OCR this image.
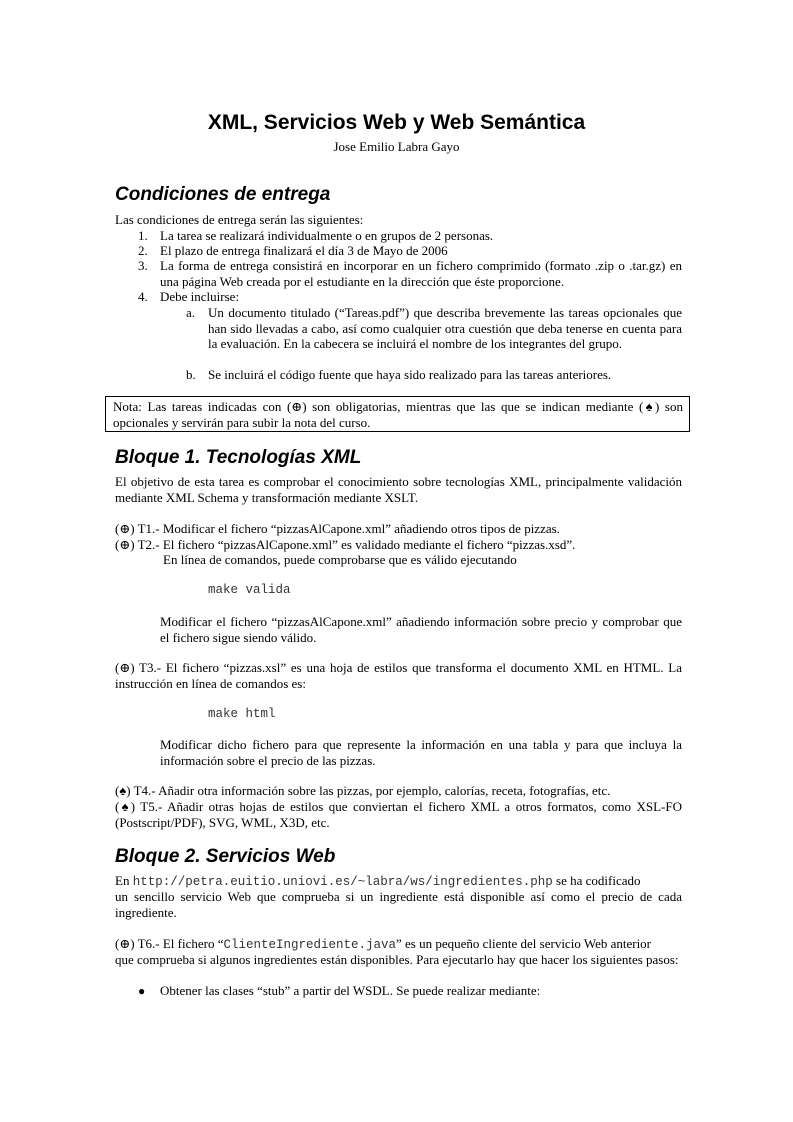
XML, Servicios Web y Web Semántica
Jose Emilio Labra Gayo
Condiciones de entrega
Las condiciones de entrega serán las siguientes:
1. La tarea se realizará individualmente o en grupos de 2 personas.
2. El plazo de entrega finalizará el día 3 de Mayo de 2006
3. La forma de entrega consistirá en incorporar en un fichero comprimido (formato .zip o .tar.gz) en una página Web creada por el estudiante en la dirección que éste proporcione.
4. Debe incluirse:
a. Un documento titulado (“Tareas.pdf”) que describa brevemente las tareas opcionales que han sido llevadas a cabo, así como cualquier otra cuestión que deba tenerse en cuenta para la evaluación. En la cabecera se incluirá el nombre de los integrantes del grupo.
b. Se incluirá el código fuente que haya sido realizado para las tareas anteriores.
Nota: Las tareas indicadas con (⊕) son obligatorias, mientras que las que se indican mediante (♠) son opcionales y servirán para subir la nota del curso.
Bloque 1. Tecnologías XML
El objetivo de esta tarea es comprobar el conocimiento sobre tecnologías XML, principalmente validación mediante XML Schema y transformación mediante XSLT.
(⊕) T1.- Modificar el fichero “pizzasAlCapone.xml” añadiendo otros tipos de pizzas.
(⊕) T2.- El fichero “pizzasAlCapone.xml” es validado mediante el fichero “pizzas.xsd”.
En línea de comandos, puede comprobarse que es válido ejecutando
make valida
Modificar el fichero “pizzasAlCapone.xml” añadiendo información sobre precio y comprobar que el fichero sigue siendo válido.
(⊕) T3.- El fichero “pizzas.xsl” es una hoja de estilos que transforma el documento XML en HTML. La instrucción en línea de comandos es:
make html
Modificar dicho fichero para que represente la información en una tabla y para que incluya la información sobre el precio de las pizzas.
(♠) T4.- Añadir otra información sobre las pizzas, por ejemplo, calorías, receta, fotografías, etc.
(♠) T5.- Añadir otras hojas de estilos que conviertan el fichero XML a otros formatos, como XSL-FO (Postscript/PDF), SVG, WML, X3D, etc.
Bloque 2. Servicios Web
En http://petra.euitio.uniovi.es/~labra/ws/ingredientes.php se ha codificado
un sencillo servicio Web que comprueba si un ingrediente está disponible así como el precio de cada ingrediente.
(⊕) T6.- El fichero “ClienteIngrediente.java” es un pequeño cliente del servicio Web anterior
que comprueba si algunos ingredientes están disponibles. Para ejecutarlo hay que hacer los siguientes pasos:
● Obtener las clases “stub” a partir del WSDL. Se puede realizar mediante:
